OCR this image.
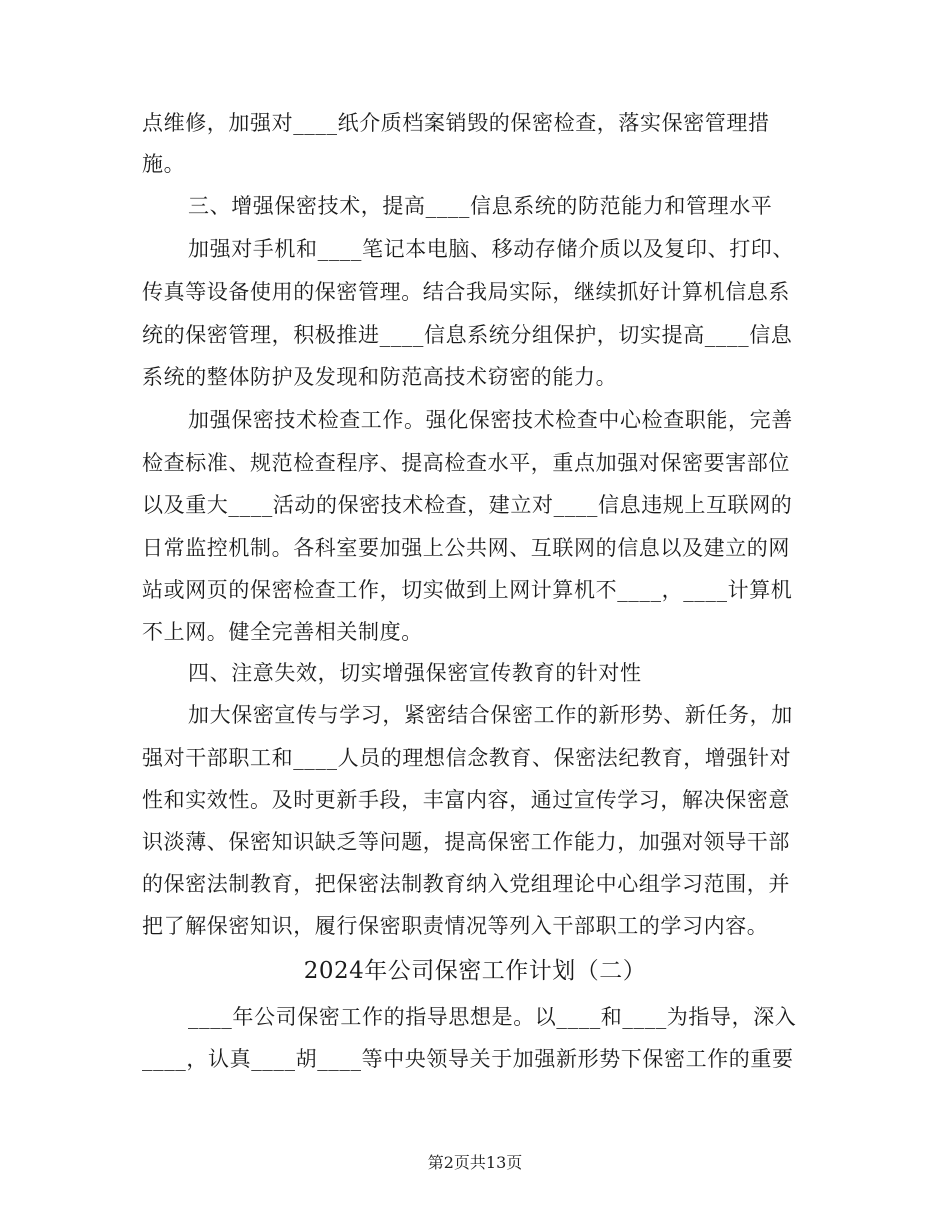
点维修，加强对____纸介质档案销毁的保密检查，落实保密管理措
施。
三、增强保密技术，提高____信息系统的防范能力和管理水平
加强对手机和____笔记本电脑、移动存储介质以及复印、打印、
传真等设备使用的保密管理。结合我局实际，继续抓好计算机信息系
统的保密管理，积极推进____信息系统分组保护，切实提高____信息
系统的整体防护及发现和防范高技术窃密的能力。
加强保密技术检查工作。强化保密技术检查中心检查职能，完善
检查标准、规范检查程序、提高检查水平，重点加强对保密要害部位
以及重大____活动的保密技术检查，建立对____信息违规上互联网的
日常监控机制。各科室要加强上公共网、互联网的信息以及建立的网
站或网页的保密检查工作，切实做到上网计算机不____，____计算机
不上网。健全完善相关制度。
四、注意失效，切实增强保密宣传教育的针对性
加大保密宣传与学习，紧密结合保密工作的新形势、新任务，加
强对干部职工和____人员的理想信念教育、保密法纪教育，增强针对
性和实效性。及时更新手段，丰富内容，通过宣传学习，解决保密意
识淡薄、保密知识缺乏等问题，提高保密工作能力，加强对领导干部
的保密法制教育，把保密法制教育纳入党组理论中心组学习范围，并
把了解保密知识，履行保密职责情况等列入干部职工的学习内容。
2024年公司保密工作计划（二）
____年公司保密工作的指导思想是。以____和____为指导，深入
____，认真____胡____等中央领导关于加强新形势下保密工作的重要
第2页共13页
